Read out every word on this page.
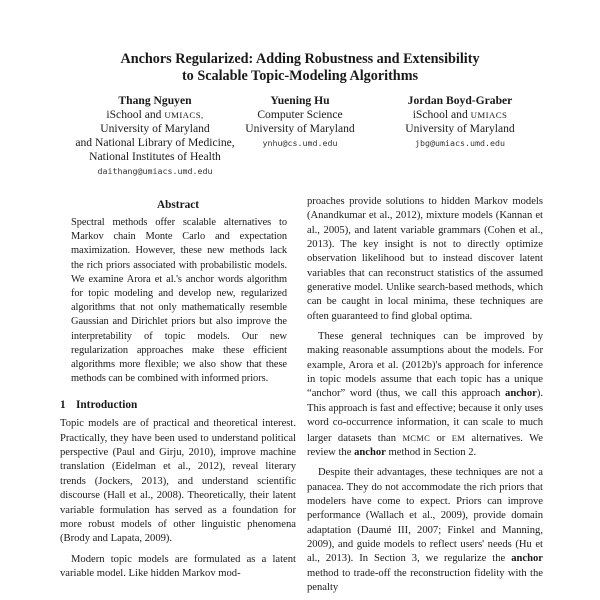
Anchors Regularized: Adding Robustness and Extensibility
to Scalable Topic-Modeling Algorithms
Thang Nguyen
iSchool and UMIACS,
University of Maryland
and National Library of Medicine,
National Institutes of Health
daithang@umiacs.umd.edu
Yuening Hu
Computer Science
University of Maryland
ynhu@cs.umd.edu
Jordan Boyd-Graber
iSchool and UMIACS
University of Maryland
jbg@umiacs.umd.edu
Abstract

Spectral methods offer scalable alternatives to Markov chain Monte Carlo and expectation maximization. However, these new methods lack the rich priors associated with probabilistic models. We examine Arora et al.'s anchor words algorithm for topic modeling and develop new, regularized algorithms that not only mathematically resemble Gaussian and Dirichlet priors but also improve the interpretability of topic models. Our new regularization approaches make these efficient algorithms more flexible; we also show that these methods can be combined with informed priors.

1 Introduction

Topic models are of practical and theoretical interest. Practically, they have been used to understand political perspective (Paul and Girju, 2010), improve machine translation (Eidelman et al., 2012), reveal literary trends (Jockers, 2013), and understand scientific discourse (Hall et al., 2008). Theoretically, their latent variable formulation has served as a foundation for more robust models of other linguistic phenomena (Brody and Lapata, 2009).

Modern topic models are formulated as a latent variable model. Like hidden Markov mod-

proaches provide solutions to hidden Markov models (Anandkumar et al., 2012), mixture models (Kannan et al., 2005), and latent variable grammars (Cohen et al., 2013). The key insight is not to directly optimize observation likelihood but to instead discover latent variables that can reconstruct statistics of the assumed generative model. Unlike search-based methods, which can be caught in local minima, these techniques are often guaranteed to find global optima.

These general techniques can be improved by making reasonable assumptions about the models. For example, Arora et al. (2012b)'s approach for inference in topic models assume that each topic has a unique “anchor” word (thus, we call this approach anchor). This approach is fast and effective; because it only uses word co-occurrence information, it can scale to much larger datasets than MCMC or EM alternatives. We review the anchor method in Section 2.

Despite their advantages, these techniques are not a panacea. They do not accommodate the rich priors that modelers have come to expect. Priors can improve performance (Wallach et al., 2009), provide domain adaptation (Daumé III, 2007; Finkel and Manning, 2009), and guide models to reflect users' needs (Hu et al., 2013). In Section 3, we regularize the anchor method to trade-off the reconstruction fidelity with the penalty
